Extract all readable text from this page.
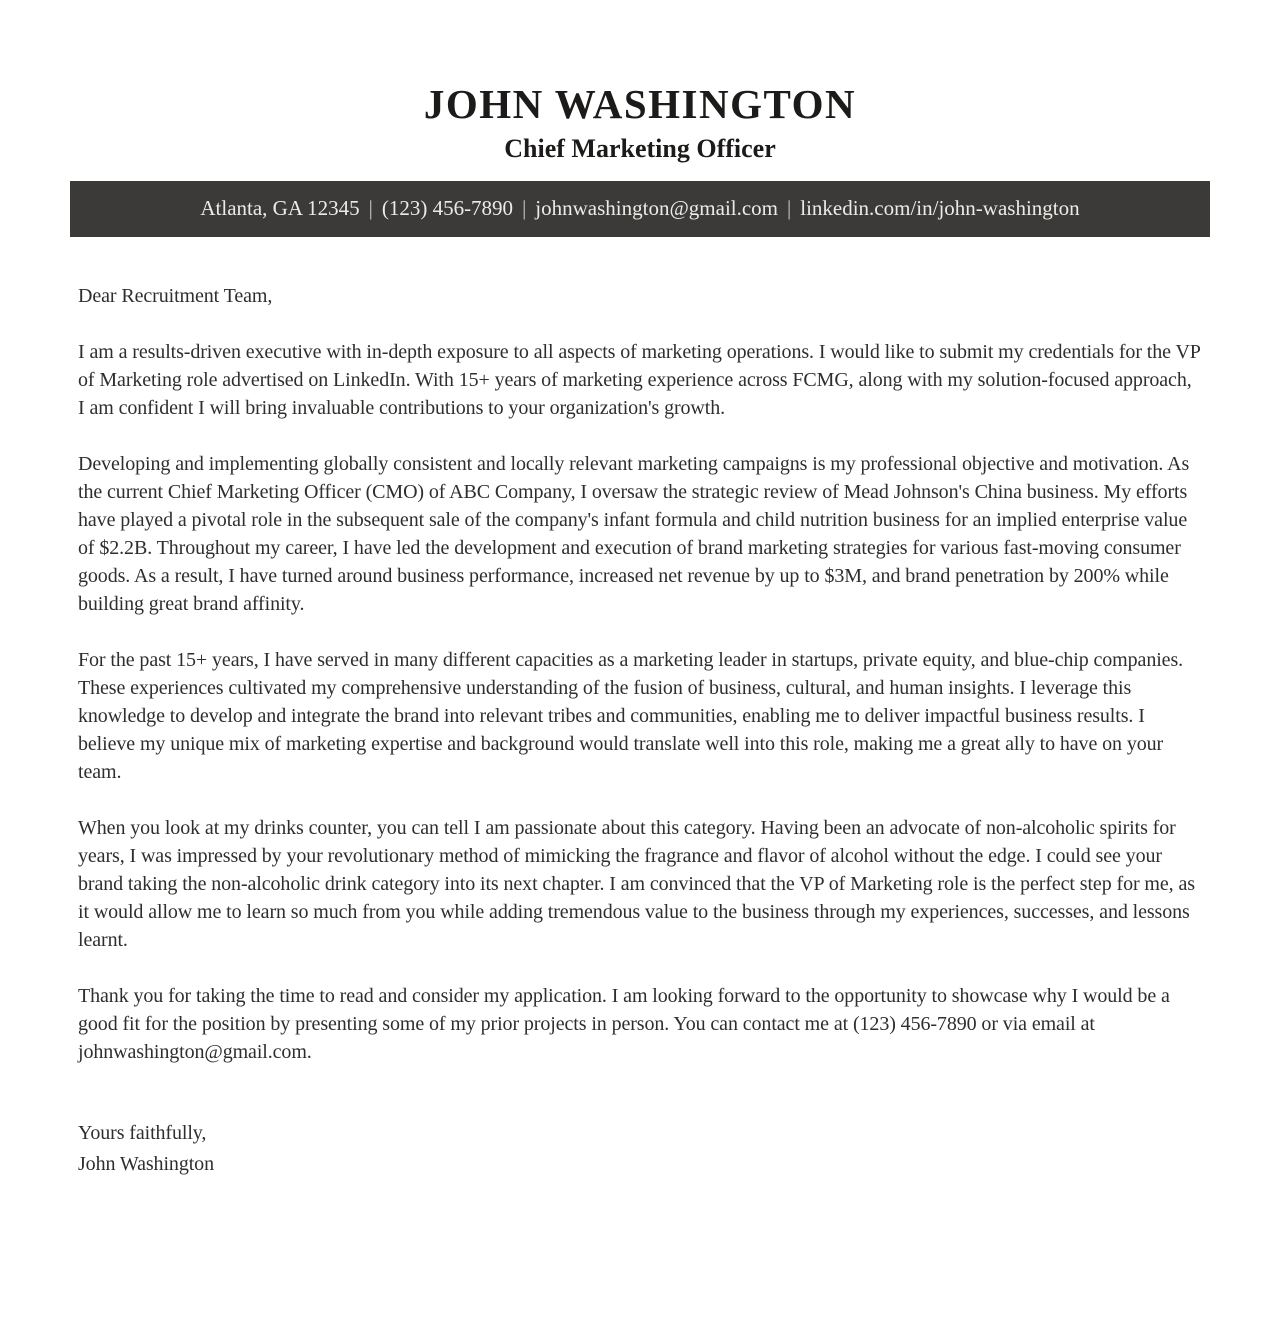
JOHN WASHINGTON
Chief Marketing Officer
Atlanta, GA 12345 | (123) 456-7890 | johnwashington@gmail.com | linkedin.com/in/john-washington

Dear Recruitment Team,

I am a results-driven executive with in-depth exposure to all aspects of marketing operations. I would like to submit my credentials for the VP of Marketing role advertised on LinkedIn. With 15+ years of marketing experience across FCMG, along with my solution-focused approach, I am confident I will bring invaluable contributions to your organization's growth.

Developing and implementing globally consistent and locally relevant marketing campaigns is my professional objective and motivation. As the current Chief Marketing Officer (CMO) of ABC Company, I oversaw the strategic review of Mead Johnson's China business. My efforts have played a pivotal role in the subsequent sale of the company's infant formula and child nutrition business for an implied enterprise value of $2.2B. Throughout my career, I have led the development and execution of brand marketing strategies for various fast-moving consumer goods. As a result, I have turned around business performance, increased net revenue by up to $3M, and brand penetration by 200% while building great brand affinity.

For the past 15+ years, I have served in many different capacities as a marketing leader in startups, private equity, and blue-chip companies. These experiences cultivated my comprehensive understanding of the fusion of business, cultural, and human insights. I leverage this knowledge to develop and integrate the brand into relevant tribes and communities, enabling me to deliver impactful business results. I believe my unique mix of marketing expertise and background would translate well into this role, making me a great ally to have on your team.

When you look at my drinks counter, you can tell I am passionate about this category. Having been an advocate of non-alcoholic spirits for years, I was impressed by your revolutionary method of mimicking the fragrance and flavor of alcohol without the edge. I could see your brand taking the non-alcoholic drink category into its next chapter. I am convinced that the VP of Marketing role is the perfect step for me, as it would allow me to learn so much from you while adding tremendous value to the business through my experiences, successes, and lessons learnt.

Thank you for taking the time to read and consider my application. I am looking forward to the opportunity to showcase why I would be a good fit for the position by presenting some of my prior projects in person. You can contact me at (123) 456-7890 or via email at johnwashington@gmail.com.

Yours faithfully,
John Washington
